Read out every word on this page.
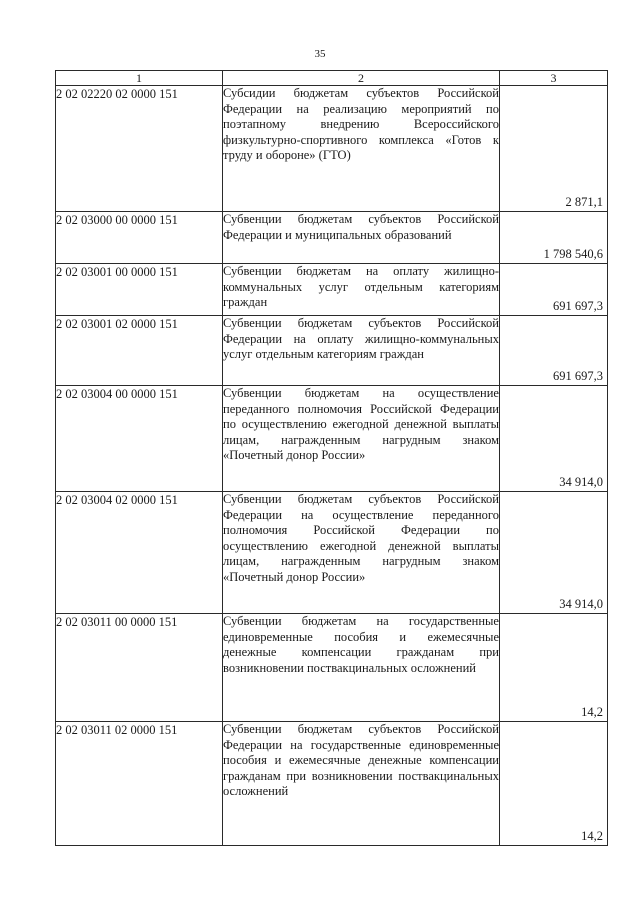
35
1	2	3
2 02 02220 02 0000 151	Субсидии бюджетам субъектов Российской Федерации на реализацию мероприятий по поэтапному внедрению Всероссийского физкультурно-спортивного комплекса «Готов к труду и обороне» (ГТО)	2 871,1

2 02 03000 00 0000 151	Субвенции бюджетам субъектов Российской Федерации и муниципальных образований	1 798 540,6

2 02 03001 00 0000 151	Субвенции бюджетам на оплату жилищно-коммунальных услуг отдельным категориям граждан	691 697,3

2 02 03001 02 0000 151	Субвенции бюджетам субъектов Российской Федерации на оплату жилищно-коммунальных услуг отдельным категориям граждан	691 697,3

2 02 03004 00 0000 151	Субвенции бюджетам на осуществление переданного полномочия Российской Федерации по осуществлению ежегодной денежной выплаты лицам, награжденным нагрудным знаком «Почетный донор России»	34 914,0

2 02 03004 02 0000 151	Субвенции бюджетам субъектов Российской Федерации на осуществление переданного полномочия Российской Федерации по осуществлению ежегодной денежной выплаты лицам, награжденным нагрудным знаком «Почетный донор России»	34 914,0

2 02 03011 00 0000 151	Субвенции бюджетам на государственные единовременные пособия и ежемесячные денежные компенсации гражданам при возникновении поствакцинальных осложнений	14,2

2 02 03011 02 0000 151	Субвенции бюджетам субъектов Российской Федерации на государственные единовременные пособия и ежемесячные денежные компенсации гражданам при возникновении поствакцинальных осложнений	14,2
